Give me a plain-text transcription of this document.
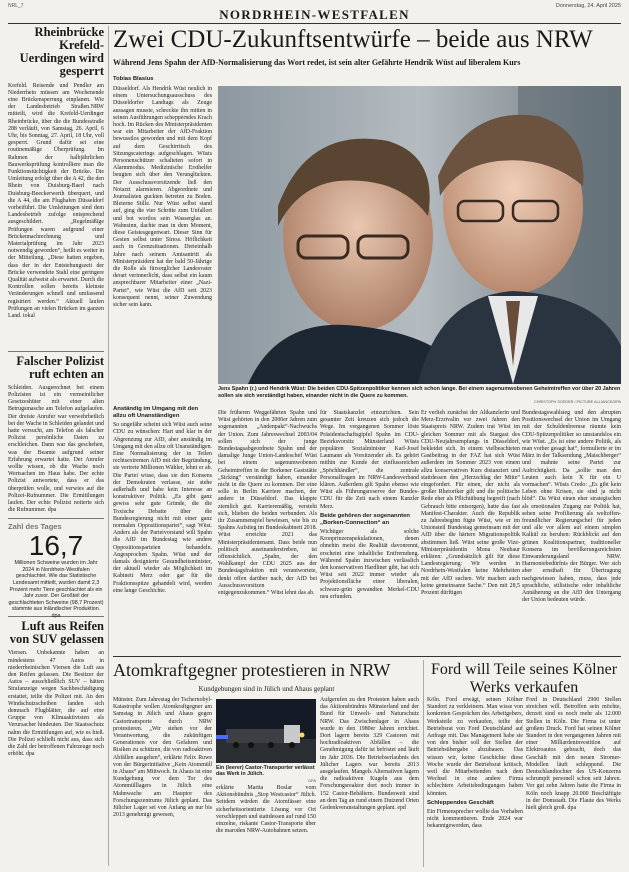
NRL_7
NORDRHEIN-WESTFALEN
Donnerstag, 24. April 2025
Rheinbrücke Krefeld-Uerdingen wird gesperrt
Krefeld. Reisende und Pendler am Niederrhein müssen am Wochenende eine Brückensperrung einplanen. Wie der Landesbetrieb Straßen.NRW mitteilt, wird die Krefeld-Uerdinger Rheinbrücke, über die die Bundesstraße 288 verläuft, von Samstag, 26. April, 6 Uhr, bis Sonntag, 27. April, 18 Uhr, voll gesperrt. Grund dafür sei eine routinemäßige Überprüfung. Im Rahmen der halbjährlichen Bauwerksprüfung kontrolliere man die Funktionstüchtigkeit der Brücke. Die Umleitung erfolgt über die A 42, die den Rhein von Duisburg-Baerl nach Duisburg-Beeckerwerth überquert, und die A 44, die am Flughafen Düsseldorf vorbeiführt. Die Umleitungen sind dem Landesbetrieb zufolge entsprechend ausgeschildert. „Regelmäßige Prüfungen waren aufgrund einer Brückennachrechnung und Materialprüfung im Jahr 2023 notwendig geworden“, heißt es weiter in der Mitteilung. „Diese hatten ergeben, dass der in der Entstehungszeit der Brücke verwendete Stahl eine geringere Qualität aufweist als erwartet. Durch die Kontrollen sollen bereits kleinste Veränderungen schnell und umfassend registriert werden.“ Aktuell laufen Prüfungen an vielen Brücken im ganzen Land. tokal
Falscher Polizist ruft echten an
Schleiden. Ausgerechnet bei einem Polizisten ist ein vermeintlicher Gesetzeshüter mit einer alten Betrugsmasche am Telefon aufgelaufen. Der dreiste Anrufer war verwehrbetlich bei der Wache in Schleiden gelandet und hatte versucht, am Telefon als falscher Polizist persönliche Daten zu erschleichen. Dann war das geschehen, was der Beamte aufgrund seiner Erfahrung erwartet hatte. Der Anrufer wollte wissen, ob die Wache noch Wertsachen im Haus habe. Der echte Polizist antwortete, dass er das überprüfen wolle, und verwies auf die Polizei-Rufnummer. Die Ermittlungen laufen. Der echte Polizist notierte sich die Rufnummer. dpa
Zahl des Tages
16,7
Millionen Schweine wurden im Jahr 2024 in Nordrhein-Westfalen geschlachtet. Wie das Statistische Landesamt mitteilt, wurden damit 2,3 Prozent mehr Tiere geschlachtet als ein Jahr zuvor. Der Großteil der geschlachteten Schweine (98,7 Prozent) stammte aus inländischer Produktion. dpa
Luft aus Reifen von SUV gelassen
Viersen. Unbekannte haben an mindestens 47 Autos in niederrheinischen Viersen die Luft aus den Reifen gelassen. Die Besitzer der Autos – ausschließlich SUV – hätten Strafanzeige wegen Sachbeschädigung erstattet, teilte die Polizei mit. An den Windschutzscheiben fanden sich demnach Flugblätter, die auf eine Gruppe von Klimaaktivisten als Verursacher hindeuten. Der Staatsschutz nahm die Ermittlungen auf, wie es hieß. Die Polizei schließt nicht aus, dass sich die Zahl der betroffenen Fahrzeuge noch erhöht. dpa
Zwei CDU-Zukunftsentwürfe – beide aus NRW
Während Jens Spahn der AfD-Normalisierung das Wort redet, ist sein alter Gefährte Hendrik Wüst auf liberalem Kurs
Tobias Blasius
Düsseldorf. Als Hendrik Wüst neulich in einem Untersuchungsausschuss des Düsseldorfer Landtags als Zeuge aussagen musste, schreckte ihn mitten in seinen Ausführungen schepperndes Krach hoch. Im Rücken des Ministerpräsidenten war ein Mitarbeiter der AfD-Fraktion bewusstlos geworden und mit dem Kopf auf dem Geschirrtisch des Sitzungscaterings aufgeschlagen. Wüsts Personenschützer schalteten sofort in Alarmmodus. Medizinische Ersthelfer beugten sich über den Verunglückten. Der Ausschussvorsitzende ließ den Notarzt alarmieren. Abgeordnete und Journalisten guckten betreten zu Boden. Bleierne Stille. Nur Wüst selbst stand auf, ging die vier Schritte zum Unfallort und bot wortlos sein Wasserglas an. Wahnsinn, dachte man in dem Moment, diese Geistesgegenwart. Dieser Sinn für Gesten selbst unter Stress. Höflichkeit auch in Grenzsituationen. Dreieinhalb Jahre nach seinem Amtsantritt als Ministerpräsident hat der bald 50-Jährige die Rolle als fürsorglicher Landesvater derart verinnerlicht, dass selbst ein kaum ansprechbarer Mitarbeiter einer „Nazi-Partei“, wie Wüst die AfD seit 2023 konsequent nennt, seiner Zuwendung sicher sein kann.
Jens Spahn (r.) und Hendrik Wüst: Die beiden CDU-Spitzenpolitiker kennen sich schon lange. Bei einem sagenumwobenen Geheimtreffen vor über 20 Jahren sollen sie sich verständigt haben, einander nicht in die Quere zu kommen.
CHRISTOPH SOEDER / PICTURE ALLIANCE/DPA
Anständig im Umgang mit den allzu oft Unanständigen
So ungefähr scheint sich Wüst auch seine CDU zu wünschen: Hart und klar in der Abgrenzung zur AfD, aber anständig im Umgang mit den allzu oft Unanständigen. Eine Normalisierung der in Teilen rechtsextremen AfD mit der Begründung, sie vertrete Millionen Wähler, lehnt er ab. Die Partei wisse, dass sie den Konsens der Demokraten verlasse, sie stehe außerhalb und habe kein Interesse an konstruktiver Politik. „Es gibt ganz gewiss sehr gute Gründe, die die Toxische Debatte über die Bundesregierung nicht mit einer ganz normalen Oppositionspartei“, sagt Wüst. Anders als der Parteivorstand will Spahn die AfD im Bundestag wie andere Oppositionsparteien behandeln. Angesprochen Spahn. Wüst und der damals designierte Gesundheitsminister, der aktuell wieder als Möglichkeit im Kabinett Merz oder gar für die Fraktionsspitze gehandelt wird, werden eine lange Geschichte.
Die früheren Weggefährten Spahn und Wüst gehörten in den 2000er Jahren zum sogenannten „Andenpakt“-Nachwuchs der Union. Zum Jahreswechsel 2003/04 sollen sich der junge Bundestagsabgeordnete Spahn und der damalige Junge Union-Landeschef Wüst bei einem sagenumwobenen Geheimtreffen in der Borkener Gaststätte „Sicking“ verständigt haben, einander nicht in die Quere zu kommen. Der eine solle in Berlin Karriere machen, der andere in Düsseldorf. Das klappte ziemlich gut. Karrieremäßig, versteht sich, blieben die beiden verbunden. Als ihr Zusammenspiel bewiesen, wie bis zu Spahns Aufstieg im Bundeskabinett 2018. Wüst erreichte 2021 das Ministerpräsidentenamt. Dass beide nun politisch auseinanderstreben, ist offensichtlich. „Spahn, der den Wahlkampf der CDU 2025 aus der Bundestagsfraktion mit verantwortete, denkt offen darüber nach, der AfD bei Ausschussvorsitzen entgegenzukommen.“ Wüst lehnt das ab.
für Staatskanzlei einzurichten. Sein gesamter Zeit kreuzen sich jedoch die Wege. Im vergangenen Sommer löste Präsidentschaftsgipfel Spahn im CDU-Bezirksvorsitz Münsterland Wüsts populären Sozialminister Karl-Josef Laumann als Vorsitzender ab. Es gehört mithin zur Kunde der einflussreichen „Spöchhändler“, die zentrale Personalfragen im NRW-Landesverband klären. Außerdem gilt Spahn ebenso wie Wüst als Führungsreserve der Bundes-CDU für die Zeit nach einem Kanzler Merz.
Beide gehören der sogenannten „Borken-Connection“ an
Wichtiger als solche Kronprinzenspekulationen, denen ohnehin meist die Realität davonrennt, erscheint eine inhaltliche Entfremdung. Während Spahn inzwischen verlässlich den konservativen Hardliner gibt, hat sich Wüst seit 2022 immer wieder als Projektionsfläche einer liberalen, schwarz-grün gewandten Merkel-CDU neu erfunden.
Er verlieh zunächst der Altkanzlerin und Merz-Erzrivalin vor zwei Jahren den Staatspreis NRW. Zudem trat Wüst im gleichen Sommer mit als Stargast des CDU-Neujahrsempfangs in Düsseldorf, bekleidet sich. In einem vielbeachteten Gastbeitrag in der FAZ hat sich Wüst außerdem im Sommer 2023 von einem allzu konservativen Kurs distanziert und stattdessen den „Herzschlag der Mitte“ eingefordert. Für einen, der nicht als großer Rhetoriker gilt und die politische Rede eher als Pflichtübung begreift (nach Gebrauch bitte entsorgen), hatte das fast Manifest-Charakter. Auch die Republik zu Jahresbeginn fügte Wüst, wie er im Unionsteil Bundestag gemeinsam mit der AfD über die härtere Migrationspolitik abstimmen ließ. Wüst seine große Vize-Ministerpräsidentin Mona Neubaur erklären: „Grundsätzlich gilt für diese Landesregierung: Wir werden in Nordrhein-Westfalen keine Mehrheiten mit der AfD suchen. Wir machen auch keine gemeinsame Sache.“ Den mit 28,5 Prozent dürftigen
Bundestagswahlsieg und den abrupten Positionswechsel der Union im Umgang mit der Schuldenbremse räumte kein CDU-Spitzenpolitiker so umstandslos ein wie Wüst. „Es ist eine andere Politik, als man vorher gesagt hat“, formulierte er im März in der Talksendung „Maischberger“ und mahnte seine Partei zur Aufrichtigkeit. Da „sollte man den Leuten auch kein X für ein U vormachen“. Wüsts Credo: „Es gibt kein Leben ohne Krisen, sie sind ja nicht blöd“. Da Wüst einen eher strategischen als emotionalen Zugang zur Politik hat, sehen seine Profilierung als weltoffen-freundlicher Regierungschef für jeden und alle vor allem auf einem simplen Kalkül zu beruhen: Rückblickt auf den grünen Koalitionspartner, traditioneller Konsens im bevölkerungsreichsten Einwanderungsland NRW. Harmoniebedürfnis der Bürger. Wer sich aber ernsthaft für Übertragung nachgewiesen haben, muss, dass jede sprachliche, stilistische oder inhaltliche Annäherung an die AfD den Untergang der Union bedeuten würde.
Atomkraftgegner protestieren in NRW
Kundgebungen sind in Jülich und Ahaus geplant
Münster. Zum Jahrestag der Tschernobyl-Katastrophe wollen Atomkraftgegner am Samstag in Jülich und Ahaus gegen Castortransporte durch NRW protestieren. „Wir stehen vor der Verantwortung, die zukünftigen Generationen vor den Gefahren und Risiken zu schützen, die von radioaktiven Abfällen ausgehen“, erklärte Felix Ruwe von der Bürgerinitiative „Kein Atommüll in Ahaus“ am Mittwoch. In Ahaus ist eine Kundgebung vor dem Tor des Atommülllagers in Jülich eine Mahnwache am Hauptor des Forschungszentrums Jülich geplant. Das Jülicher Lager sei von Anfang an nur bis 2013 genehmigt gewesen,
Ein (leerer) Castor-Transporter verlässt das Werk in Jülich.
DPA
erklärte Marita Boslar vom Aktionsbündnis „Stop Westcastor“ Jülich. Seitdem würden die Atomfässer eine sicherheitsorientierte Lösung vor Ort verschleppen und stattdessen auf rund 150 einzelne, riskante Castor-Transporte über die maroden NRW-Autobahnen setzen.
Aufgerufen zu den Protesten haben auch das Aktionsbündnis Münsterland und der Bund für Umwelt- und Naturschutz NRW. Das Zwischenlager in Ahaus wurde in den 1980er Jahren errichtet. Dort lagern bereits 329 Castoren mit hochradioaktiven Abfällen – die Genehmigung dafür ist befristet und läuft im Jahr 2036. Die Betriebserlaubnis des Jülicher Lagers war bereits 2013 ausgelaufen. Mangels Alternativen lagern die radioaktiven Kugeln aus dem Forschungsreaktor dort noch immer in 152 Castor-Behältern. Bundesweit sind an dem Tag an rund einem Dutzend Orten Gedenkveranstaltungen geplant. epd
Ford will Teile seines Kölner Werks verkaufen
Köln. Ford erwägt, seinen Kölner Standort zu verkleinern. Man wisse von konkreten Gesprächen des Arbeitgebers, Werksteile zu verkaufen, teilte der Betriebsrat von Ford Deutschland auf Anfrage mit. Das Management habe sie von den bisher soll der Stellen der Betriebsübergabe abzubauen. Das wissen wir, keine Geschichte diese Woche wurde der Betriebsrat kritisch, weil die Mitarbeitenden nach dem Wechsel in eine andere Firma schlechtere Arbeitsbedingungen haben könnten.
Schleppendes Geschäft
Ein Firmensprecher wollte das Vorhaben nicht kommentieren. Ende 2024 war bekanntgeworden, dass
Ford in Deutschland 2900 Stellen streichen will. Betroffen sein möchte, derzeit sind es noch mehr als 12.000 Stellen in Köln. Die Firma ist unter großem Druck. Ford hat seinen Kölner Standort in den vergangenen Jahren mit einer Milliardeninvestition auf Elektroautos gebracht, doch das Geschäft mit den neuen Stromer-Modellen läuft schleppend. Die Deutschlandtochter des US-Konzerns schrumpft personell schon seit Jahren. Vor gut zehn Jahren hatte die Firma in Köln noch knapp 20.000 Beschäftigte in der Domstadt. Die Flaute des Werks hielt gleich groß. dpa
